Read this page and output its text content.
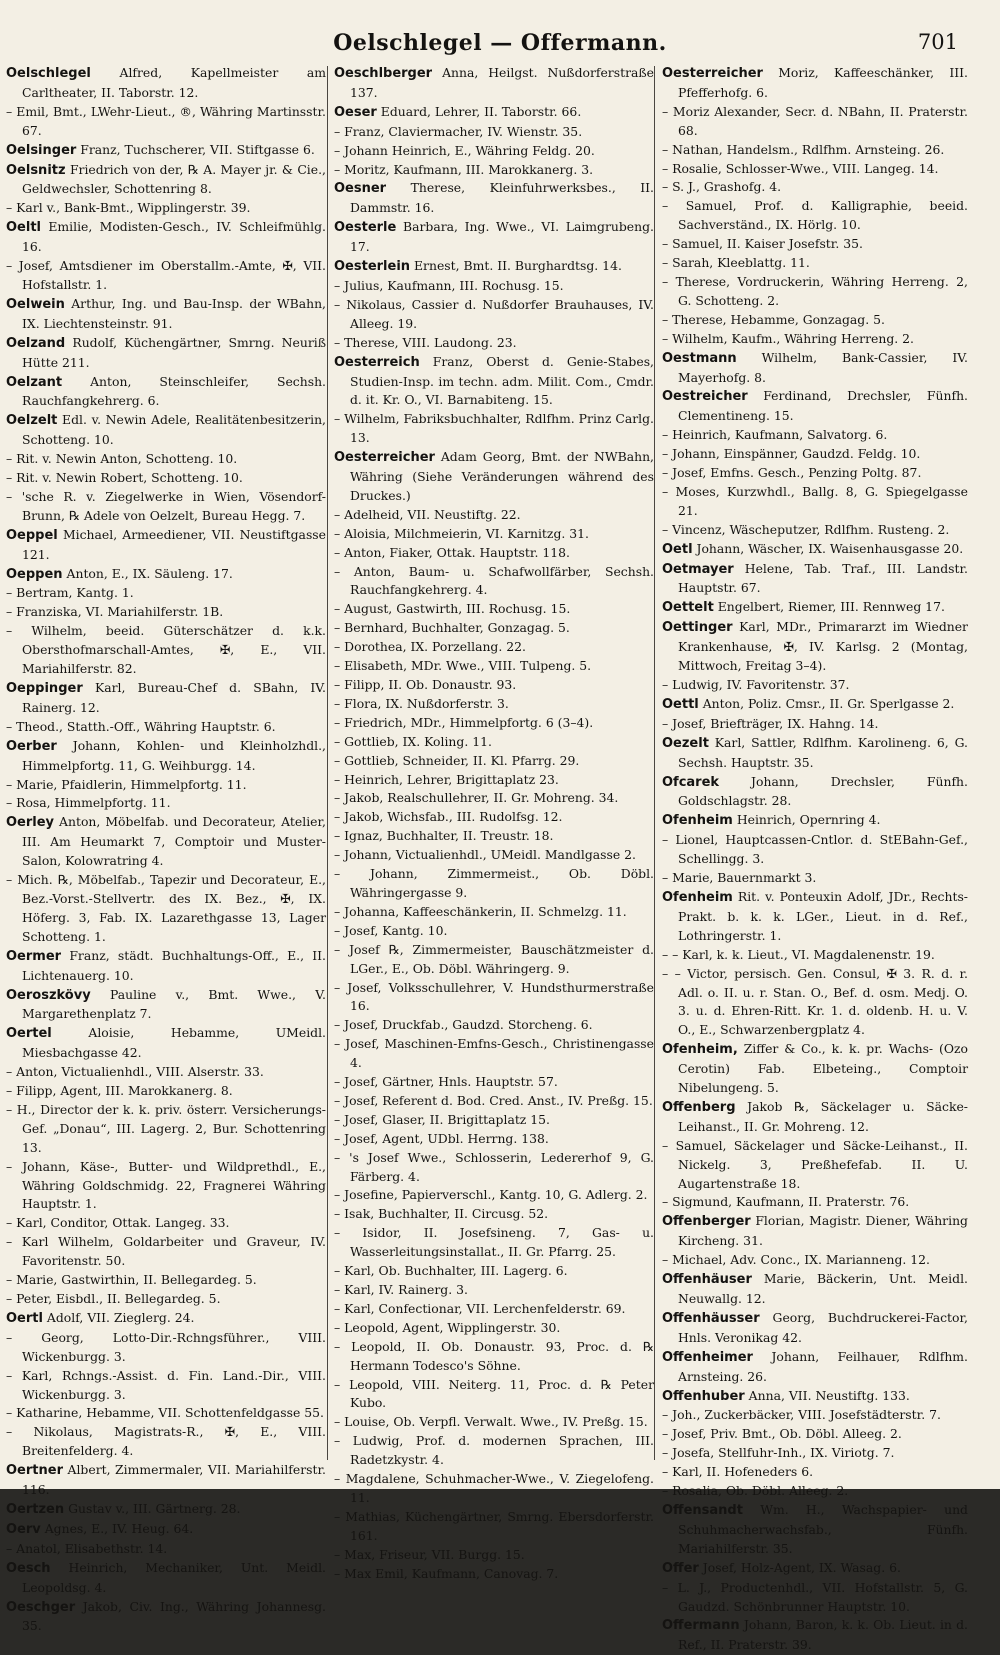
Oelschlegel — Offermann.	701

Oelschlegel Alfred, Kapellmeister am Carltheater, II. Taborstr. 12.

– Emil, Bmt., LWehr-Lieut., ®, Währing Martinsstr. 67.

Oelsinger Franz, Tuchscherer, VII. Stiftgasse 6.

Oelsnitz Friedrich von der, ℞ A. Mayer jr. & Cie., Geldwechsler, Schottenring 8.

– Karl v., Bank-Bmt., Wipplingerstr. 39.

Oeltl Emilie, Modisten-Gesch., IV. Schleifmühlg. 16.

– Josef, Amtsdiener im Oberstallm.-Amte, ✠, VII. Hofstallstr. 1.

Oelwein Arthur, Ing. und Bau-Insp. der WBahn, IX. Liechtensteinstr. 91.

Oelzand Rudolf, Küchengärtner, Smrng. Neuriß Hütte 211.

Oelzant Anton, Steinschleifer, Sechsh. Rauchfangkehrerg. 6.

Oelzelt Edl. v. Newin Adele, Realitätenbesitzerin, Schotteng. 10.

– Rit. v. Newin Anton, Schotteng. 10.

– Rit. v. Newin Robert, Schotteng. 10.

– 'sche R. v. Ziegelwerke in Wien, Vösendorf-Brunn, ℞ Adele von Oelzelt, Bureau Hegg. 7.

Oeppel Michael, Armeediener, VII. Neustiftgasse 121.

Oeppen Anton, E., IX. Säuleng. 17.

– Bertram, Kantg. 1.

– Franziska, VI. Mariahilferstr. 1B.

– Wilhelm, beeid. Güterschätzer d. k.k. Obersthofmarschall-Amtes, ✠, E., VII. Mariahilferstr. 82.

Oeppinger Karl, Bureau-Chef d. SBahn, IV. Rainerg. 12.

– Theod., Statth.-Off., Währing Hauptstr. 6.

Oerber Johann, Kohlen- und Kleinholzhdl., Himmelpfortg. 11, G. Weihburgg. 14.

– Marie, Pfaidlerin, Himmelpfortg. 11.

– Rosa, Himmelpfortg. 11.

Oerley Anton, Möbelfab. und Decorateur, Atelier, III. Am Heumarkt 7, Comptoir und Muster-Salon, Kolowratring 4.

– Mich. ℞, Möbelfab., Tapezir und Decorateur, E., Bez.-Vorst.-Stellvertr. des IX. Bez., ✠, IX. Höferg. 3, Fab. IX. Lazarethgasse 13, Lager Schotteng. 1.

Oermer Franz, städt. Buchhaltungs-Off., E., II. Lichtenauerg. 10.

Oeroszkövy Pauline v., Bmt. Wwe., V. Margarethenplatz 7.

Oertel	Aloisie, Hebamme, UMeidl. Miesbachgasse 42.

– Anton, Victualienhdl., VIII. Alserstr. 33.

– Filipp, Agent, III. Marokkanerg. 8.

– H., Director der k. k. priv. österr. Versicherungs-Gef. „Donau“, III. Lagerg. 2, Bur. Schottenring 13.

– Johann, Käse-, Butter- und Wildprethdl., E., Währing Goldschmidg. 22, Fragnerei Währing Hauptstr. 1.

– Karl, Conditor, Ottak. Langeg. 33.

– Karl Wilhelm, Goldarbeiter und Graveur, IV. Favoritenstr. 50.

– Marie, Gastwirthin, II. Bellegardeg. 5.

– Peter, Eisbdl., II. Bellegardeg. 5.

Oertl Adolf, VII. Zieglerg. 24.

– Georg, Lotto-Dir.-Rchngsführer., VIII. Wickenburgg. 3.

– Karl, Rchngs.-Assist. d. Fin. Land.-Dir., VIII. Wickenburgg. 3.

– Katharine, Hebamme, VII. Schottenfeldgasse 55.

– Nikolaus, Magistrats-R., ✠, E., VIII. Breitenfelderg. 4.

Oertner Albert, Zimmermaler, VII. Mariahilferstr. 116.

Oertzen Gustav v., III. Gärtnerg. 28.

Oerv Agnes, E., IV. Heug. 64.

– Anatol, Elisabethstr. 14.

Oesch Heinrich, Mechaniker, Unt. Meidl. Leopoldsg. 4.

Oeschger Jakob, Civ. Ing., Währing Johannesg. 35.

Oeschlberger Anna, Heilgst. Nußdorferstraße 137.

Oeser Eduard, Lehrer, II. Taborstr. 66.

– Franz, Claviermacher, IV. Wienstr. 35.

– Johann Heinrich, E., Währing Feldg. 20.

– Moritz, Kaufmann, III. Marokkanerg. 3.

Oesner Therese, Kleinfuhrwerksbes., II. Dammstr. 16.

Oesterle Barbara, Ing. Wwe., VI. Laimgrubeng. 17.

Oesterlein Ernest, Bmt. II. Burghardtsg. 14.

– Julius, Kaufmann, III. Rochusg. 15.

– Nikolaus, Cassier d. Nußdorfer Brauhauses, IV. Alleeg. 19.

– Therese, VIII. Laudong. 23.

Oesterreich Franz, Oberst d. Genie-Stabes, Studien-Insp. im techn. adm. Milit. Com., Cmdr. d. it. Kr. O., VI. Barnabiteng. 15.

– Wilhelm, Fabriksbuchhalter, Rdlfhm. Prinz Carlg. 13.

Oesterreicher Adam Georg, Bmt. der NWBahn, Währing (Siehe Veränderungen während des Druckes.)

– Adelheid, VII. Neustiftg. 22.

– Aloisia, Milchmeierin, VI. Karnitzg. 31.

– Anton, Fiaker, Ottak. Hauptstr. 118.

– Anton, Baum- u. Schafwollfärber, Sechsh. Rauchfangkehrerg. 4.

– August, Gastwirth, III. Rochusg. 15.

– Bernhard, Buchhalter, Gonzagag. 5.

– Dorothea, IX. Porzellang. 22.

– Elisabeth, MDr. Wwe., VIII. Tulpeng. 5.

– Filipp, II. Ob. Donaustr. 93.

– Flora, IX. Nußdorferstr. 3.

– Friedrich, MDr., Himmelpfortg. 6 (3–4).

– Gottlieb, IX. Koling. 11.

– Gottlieb, Schneider, II. Kl. Pfarrg. 29.

– Heinrich, Lehrer, Brigittaplatz 23.

– Jakob, Realschullehrer, II. Gr. Mohreng. 34.

– Jakob, Wichsfab., III. Rudolfsg. 12.

– Ignaz, Buchhalter, II. Treustr. 18.

– Johann, Victualienhdl., UMeidl. Mandlgasse 2.

– Johann, Zimmermeist., Ob. Döbl. Währingergasse 9.

– Johanna, Kaffeeschänkerin, II. Schmelzg. 11.

– Josef, Kantg. 10.

– Josef ℞, Zimmermeister, Bauschätzmeister d. LGer., E., Ob. Döbl. Währingerg. 9.

– Josef, Volksschullehrer, V. Hundsthurmerstraße 16.

– Josef, Druckfab., Gaudzd. Storcheng. 6.

– Josef, Maschinen-Emfns-Gesch., Christinengasse 4.

– Josef, Gärtner, Hnls. Hauptstr. 57.

– Josef, Referent d. Bod. Cred. Anst., IV. Preßg. 15.

– Josef, Glaser, II. Brigittaplatz 15.

– Josef, Agent, UDbl. Herrng. 138.

– 's Josef Wwe., Schlosserin, Ledererhof 9, G. Färberg. 4.

– Josefine, Papierverschl., Kantg. 10, G. Adlerg. 2.

– Isak, Buchhalter, II. Circusg. 52.

– Isidor, II. Josefsineng. 7, Gas- u. Wasserleitungsinstallat., II. Gr. Pfarrg. 25.

– Karl, Ob. Buchhalter, III. Lagerg. 6.

– Karl, IV. Rainerg. 3.

– Karl, Confectionar, VII. Lerchenfelderstr. 69.

– Leopold, Agent, Wipplingerstr. 30.

– Leopold, II. Ob. Donaustr. 93, Proc. d. ℞ Hermann Todesco's Söhne.

– Leopold, VIII. Neiterg. 11, Proc. d. ℞ Peter Kubo.

– Louise, Ob. Verpfl. Verwalt. Wwe., IV. Preßg. 15.

– Ludwig, Prof. d. modernen Sprachen, III. Radetzkystr. 4.

– Magdalene, Schuhmacher-Wwe., V. Ziegelofeng. 11.

– Mathias, Küchengärtner, Smrng. Ebersdorferstr. 161.

– Max, Friseur, VII. Burgg. 15.

– Max Emil, Kaufmann, Canovag. 7.

Oesterreicher Moriz, Kaffeeschänker, III. Pfefferhofg. 6.

– Moriz Alexander, Secr. d. NBahn, II. Praterstr. 68.

– Nathan, Handelsm., Rdlfhm. Arnsteing. 26.

– Rosalie, Schlosser-Wwe., VIII. Langeg. 14.

– S. J., Grashofg. 4.

– Samuel, Prof. d. Kalligraphie, beeid. Sachverständ., IX. Hörlg. 10.

– Samuel, II. Kaiser Josefstr. 35.

– Sarah, Kleeblattg. 11.

– Therese, Vordruckerin, Währing Herreng. 2, G. Schotteng. 2.

– Therese, Hebamme, Gonzagag. 5.

– Wilhelm, Kaufm., Währing Herreng. 2.

Oestmann Wilhelm, Bank-Cassier, IV. Mayerhofg. 8.

Oestreicher Ferdinand, Drechsler, Fünfh. Clementineng. 15.

– Heinrich, Kaufmann, Salvatorg. 6.

– Johann, Einspänner, Gaudzd. Feldg. 10.

– Josef, Emfns. Gesch., Penzing Poltg. 87.

– Moses, Kurzwhdl., Ballg. 8, G. Spiegelgasse 21.

– Vincenz, Wäscheputzer, Rdlfhm. Rusteng. 2.

Oetl Johann, Wäscher, IX. Waisenhausgasse 20.

Oetmayer Helene, Tab. Traf., III. Landstr. Hauptstr. 67.

Oettelt Engelbert, Riemer, III. Rennweg 17.

Oettinger Karl, MDr., Primararzt im Wiedner Krankenhause, ✠, IV. Karlsg. 2 (Montag, Mittwoch, Freitag 3–4).

– Ludwig, IV. Favoritenstr. 37.

Oettl Anton, Poliz. Cmsr., II. Gr. Sperlgasse 2.

– Josef, Briefträger, IX. Hahng. 14.

Oezelt Karl, Sattler, Rdlfhm. Karolineng. 6, G. Sechsh. Hauptstr. 35.

Ofcarek	Johann, Drechsler, Fünfh. Goldschlagstr. 28.

Ofenheim Heinrich, Opernring 4.

– Lionel, Hauptcassen-Cntlor. d. StEBahn-Gef., Schellingg. 3.

– Marie, Bauernmarkt 3.

Ofenheim Rit. v. Ponteuxin Adolf, JDr., Rechts-Prakt. b. k. k. LGer., Lieut. in d. Ref., Lothringerstr. 1.

– – Karl, k. k. Lieut., VI. Magdalenenstr. 19.

– – Victor, persisch. Gen. Consul, ✠ 3. R. d. r. Adl. o. II. u. r. Stan. O., Bef. d. osm. Medj. O. 3. u. d. Ehren-Ritt. Kr. 1. d. oldenb. H. u. V. O., E., Schwarzenbergplatz 4.

Ofenheim, Ziffer & Co., k. k. pr. Wachs- (Ozo Cerotin) Fab. Elbeteing., Comptoir Nibelungeng. 5.

Offenberg Jakob ℞, Säckelager u. Säcke-Leihanst., II. Gr. Mohreng. 12.

– Samuel, Säckelager und Säcke-Leihanst., II. Nickelg. 3, Preßhefefab. II. U. Augartenstraße 18.

– Sigmund, Kaufmann, II. Praterstr. 76.

Offenberger Florian, Magistr. Diener, Währing Kircheng. 31.

– Michael, Adv. Conc., IX. Marianneng. 12.

Offenhäuser Marie, Bäckerin, Unt. Meidl. Neuwallg. 12.

Offenhäusser Georg, Buchdruckerei-Factor, Hnls. Veronikag 42.

Offenheimer Johann, Feilhauer, Rdlfhm. Arnsteing. 26.

Offenhuber Anna, VII. Neustiftg. 133.

– Joh., Zuckerbäcker, VIII. Josefstädterstr. 7.

– Josef, Priv. Bmt., Ob. Döbl. Alleeg. 2.

– Josefa, Stellfuhr-Inh., IX. Viriotg. 7.

– Karl, II. Hofeneders 6.

– Rosalia, Ob. Döbl. Alleeg. 2.

Offensandt Wm. H., Wachspapier- und Schuhmacherwachsfab., Fünfh. Mariahilferstr. 35.

Offer Josef, Holz-Agent, IX. Wasag. 6.

– L. J., Productenhdl., VII. Hofstallstr. 5, G. Gaudzd. Schönbrunner Hauptstr. 10.

Offermann Johann, Baron, k. k. Ob. Lieut. in d. Ref., II. Praterstr. 39.
